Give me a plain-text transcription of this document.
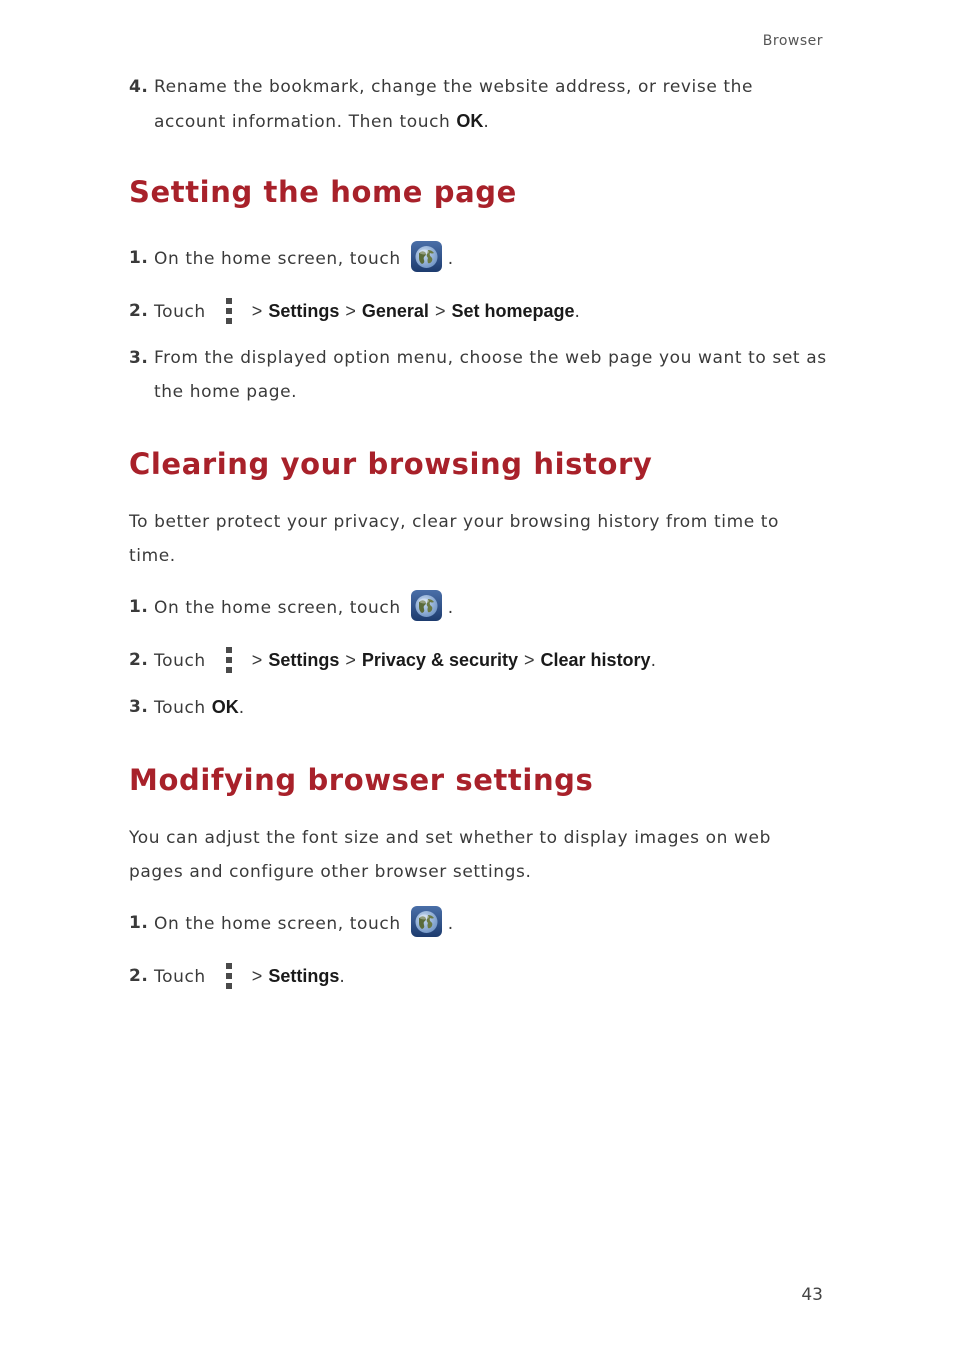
Browser

4. Rename the bookmark, change the website address, or revise the account information. Then touch OK.

Setting the home page

1. On the home screen, touch	.

2. Touch	> Settings > General > Set homepage.

3. From the displayed option menu, choose the web page you want to set as the home page.

Clearing your browsing history

To better protect your privacy, clear your browsing history from time to time.

1. On the home screen, touch	.

2. Touch	> Settings > Privacy & security > Clear history.

3. Touch OK.

Modifying browser settings

You can adjust the font size and set whether to display images on web pages and configure other browser settings.

1. On the home screen, touch	.

2. Touch	> Settings.

43
